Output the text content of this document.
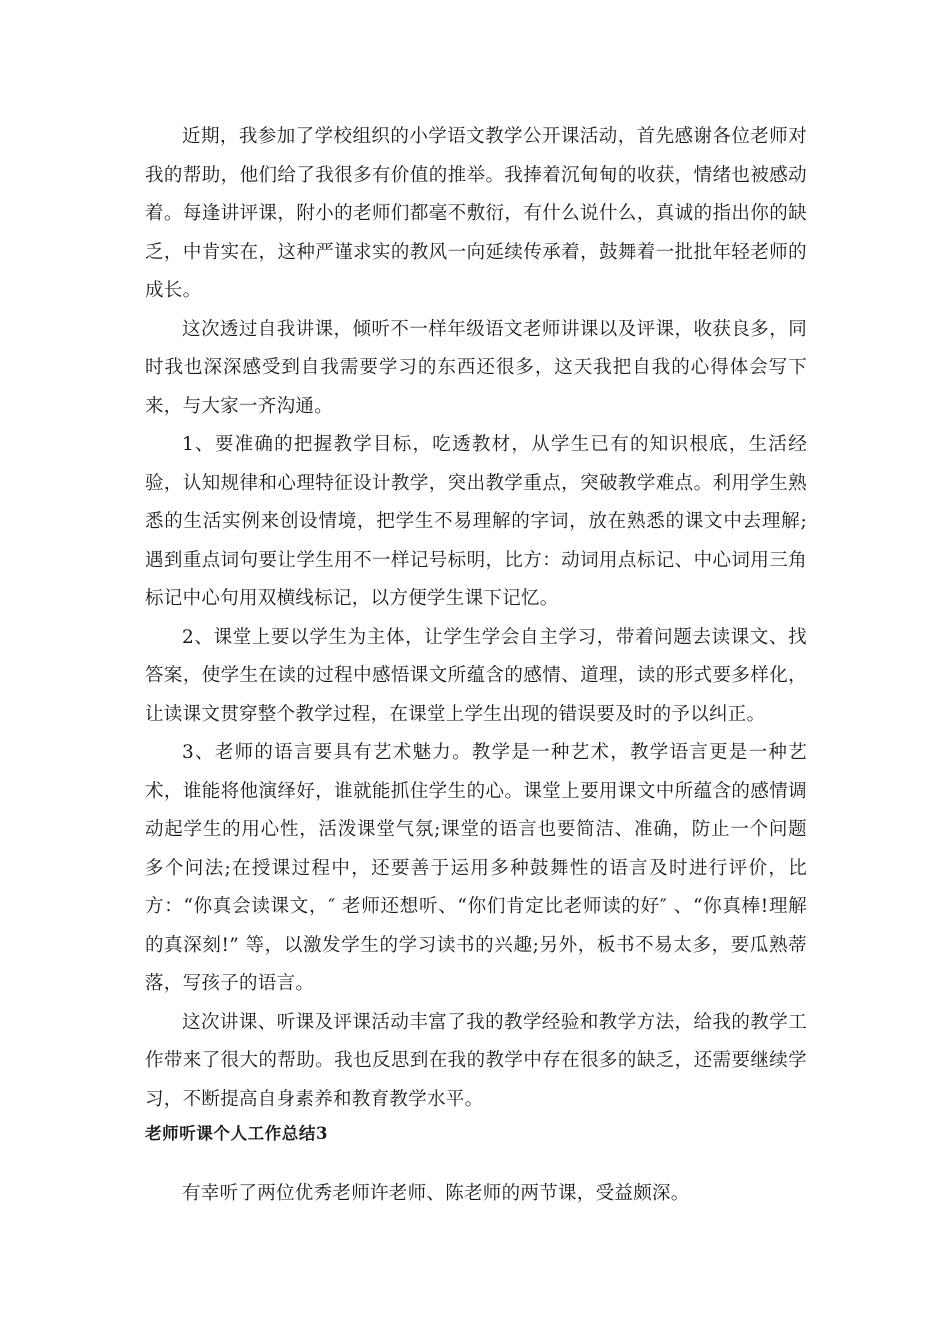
近期，我参加了学校组织的小学语文教学公开课活动，首先感谢各位老师对我的帮助，他们给了我很多有价值的推举。我捧着沉甸甸的收获，情绪也被感动着。每逢讲评课，附小的老师们都毫不敷衍，有什么说什么，真诚的指出你的缺乏，中肯实在，这种严谨求实的教风一向延续传承着，鼓舞着一批批年轻老师的成长。

这次透过自我讲课，倾听不一样年级语文老师讲课以及评课，收获良多，同时我也深深感受到自我需要学习的东西还很多，这天我把自我的心得体会写下来，与大家一齐沟通。

1、要准确的把握教学目标，吃透教材，从学生已有的知识根底，生活经验，认知规律和心理特征设计教学，突出教学重点，突破教学难点。利用学生熟悉的生活实例来创设情境，把学生不易理解的字词，放在熟悉的课文中去理解;遇到重点词句要让学生用不一样记号标明，比方：动词用点标记、中心词用三角标记中心句用双横线标记，以方便学生课下记忆。

2、课堂上要以学生为主体，让学生学会自主学习，带着问题去读课文、找答案，使学生在读的过程中感悟课文所蕴含的感情、道理，读的形式要多样化，让读课文贯穿整个教学过程，在课堂上学生出现的错误要及时的予以纠正。

3、老师的语言要具有艺术魅力。教学是一种艺术，教学语言更是一种艺术，谁能将他演绎好，谁就能抓住学生的心。课堂上要用课文中所蕴含的感情调动起学生的用心性，活泼课堂气氛;课堂的语言也要简洁、准确，防止一个问题多个问法;在授课过程中，还要善于运用多种鼓舞性的语言及时进行评价，比方：“你真会读课文，″ 老师还想听、“你们肯定比老师读的好″ 、“你真棒!理解的真深刻!” 等，以激发学生的学习读书的兴趣;另外，板书不易太多，要瓜熟蒂落，写孩子的语言。

这次讲课、听课及评课活动丰富了我的教学经验和教学方法，给我的教学工作带来了很大的帮助。我也反思到在我的教学中存在很多的缺乏，还需要继续学习，不断提高自身素养和教育教学水平。

老师听课个人工作总结3

有幸听了两位优秀老师许老师、陈老师的两节课，受益颇深。
